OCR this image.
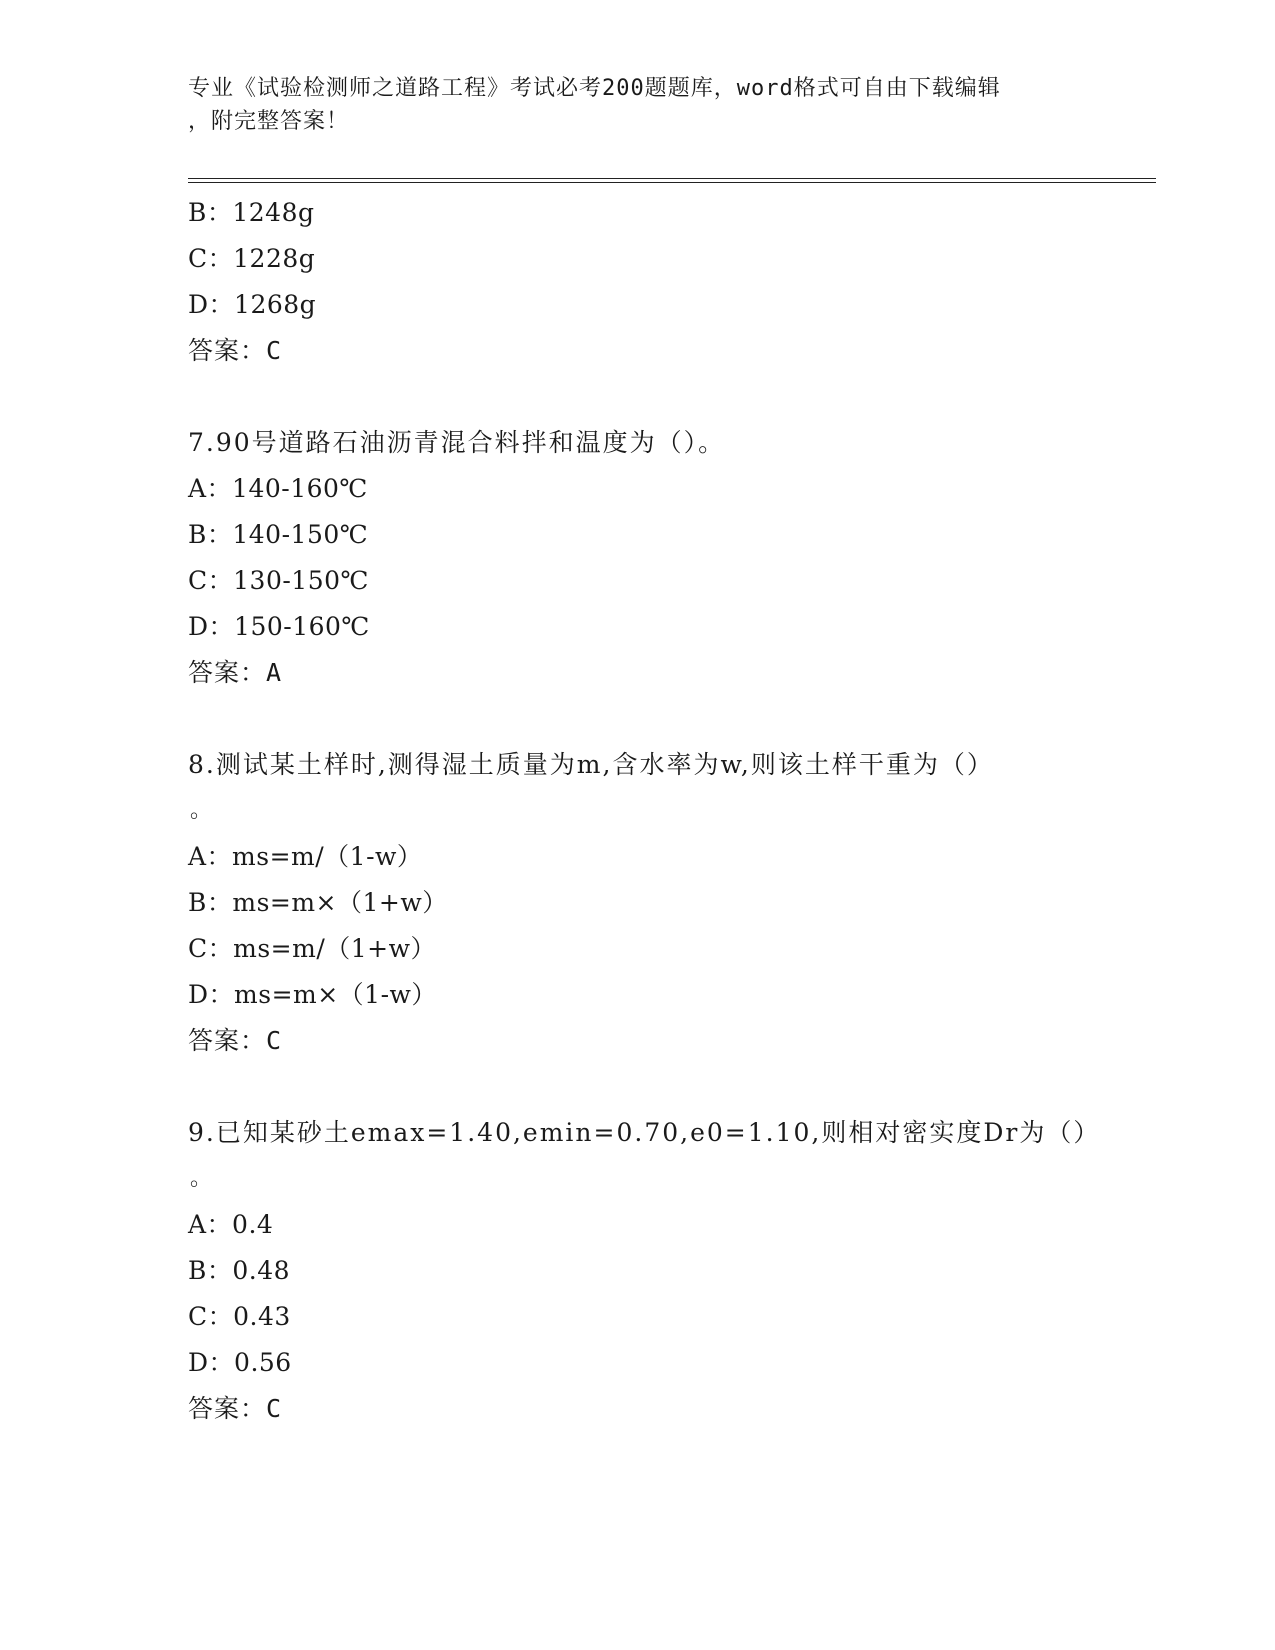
专业《试验检测师之道路工程》考试必考200题题库，word格式可自由下载编辑
，附完整答案！
B：1248g
C：1228g
D：1268g
答案：C
7.90号道路石油沥青混合料拌和温度为（）。
A：140-160℃
B：140-150℃
C：130-150℃
D：150-160℃
答案：A
8.测试某土样时,测得湿土质量为m,含水率为w,则该土样干重为（）
。
A：ms=m/（1-w）
B：ms=m×（1+w）
C：ms=m/（1+w）
D：ms=m×（1-w）
答案：C
9.已知某砂土emax=1.40,emin=0.70,e0=1.10,则相对密实度Dr为（）
。
A：0.4
B：0.48
C：0.43
D：0.56
答案：C
